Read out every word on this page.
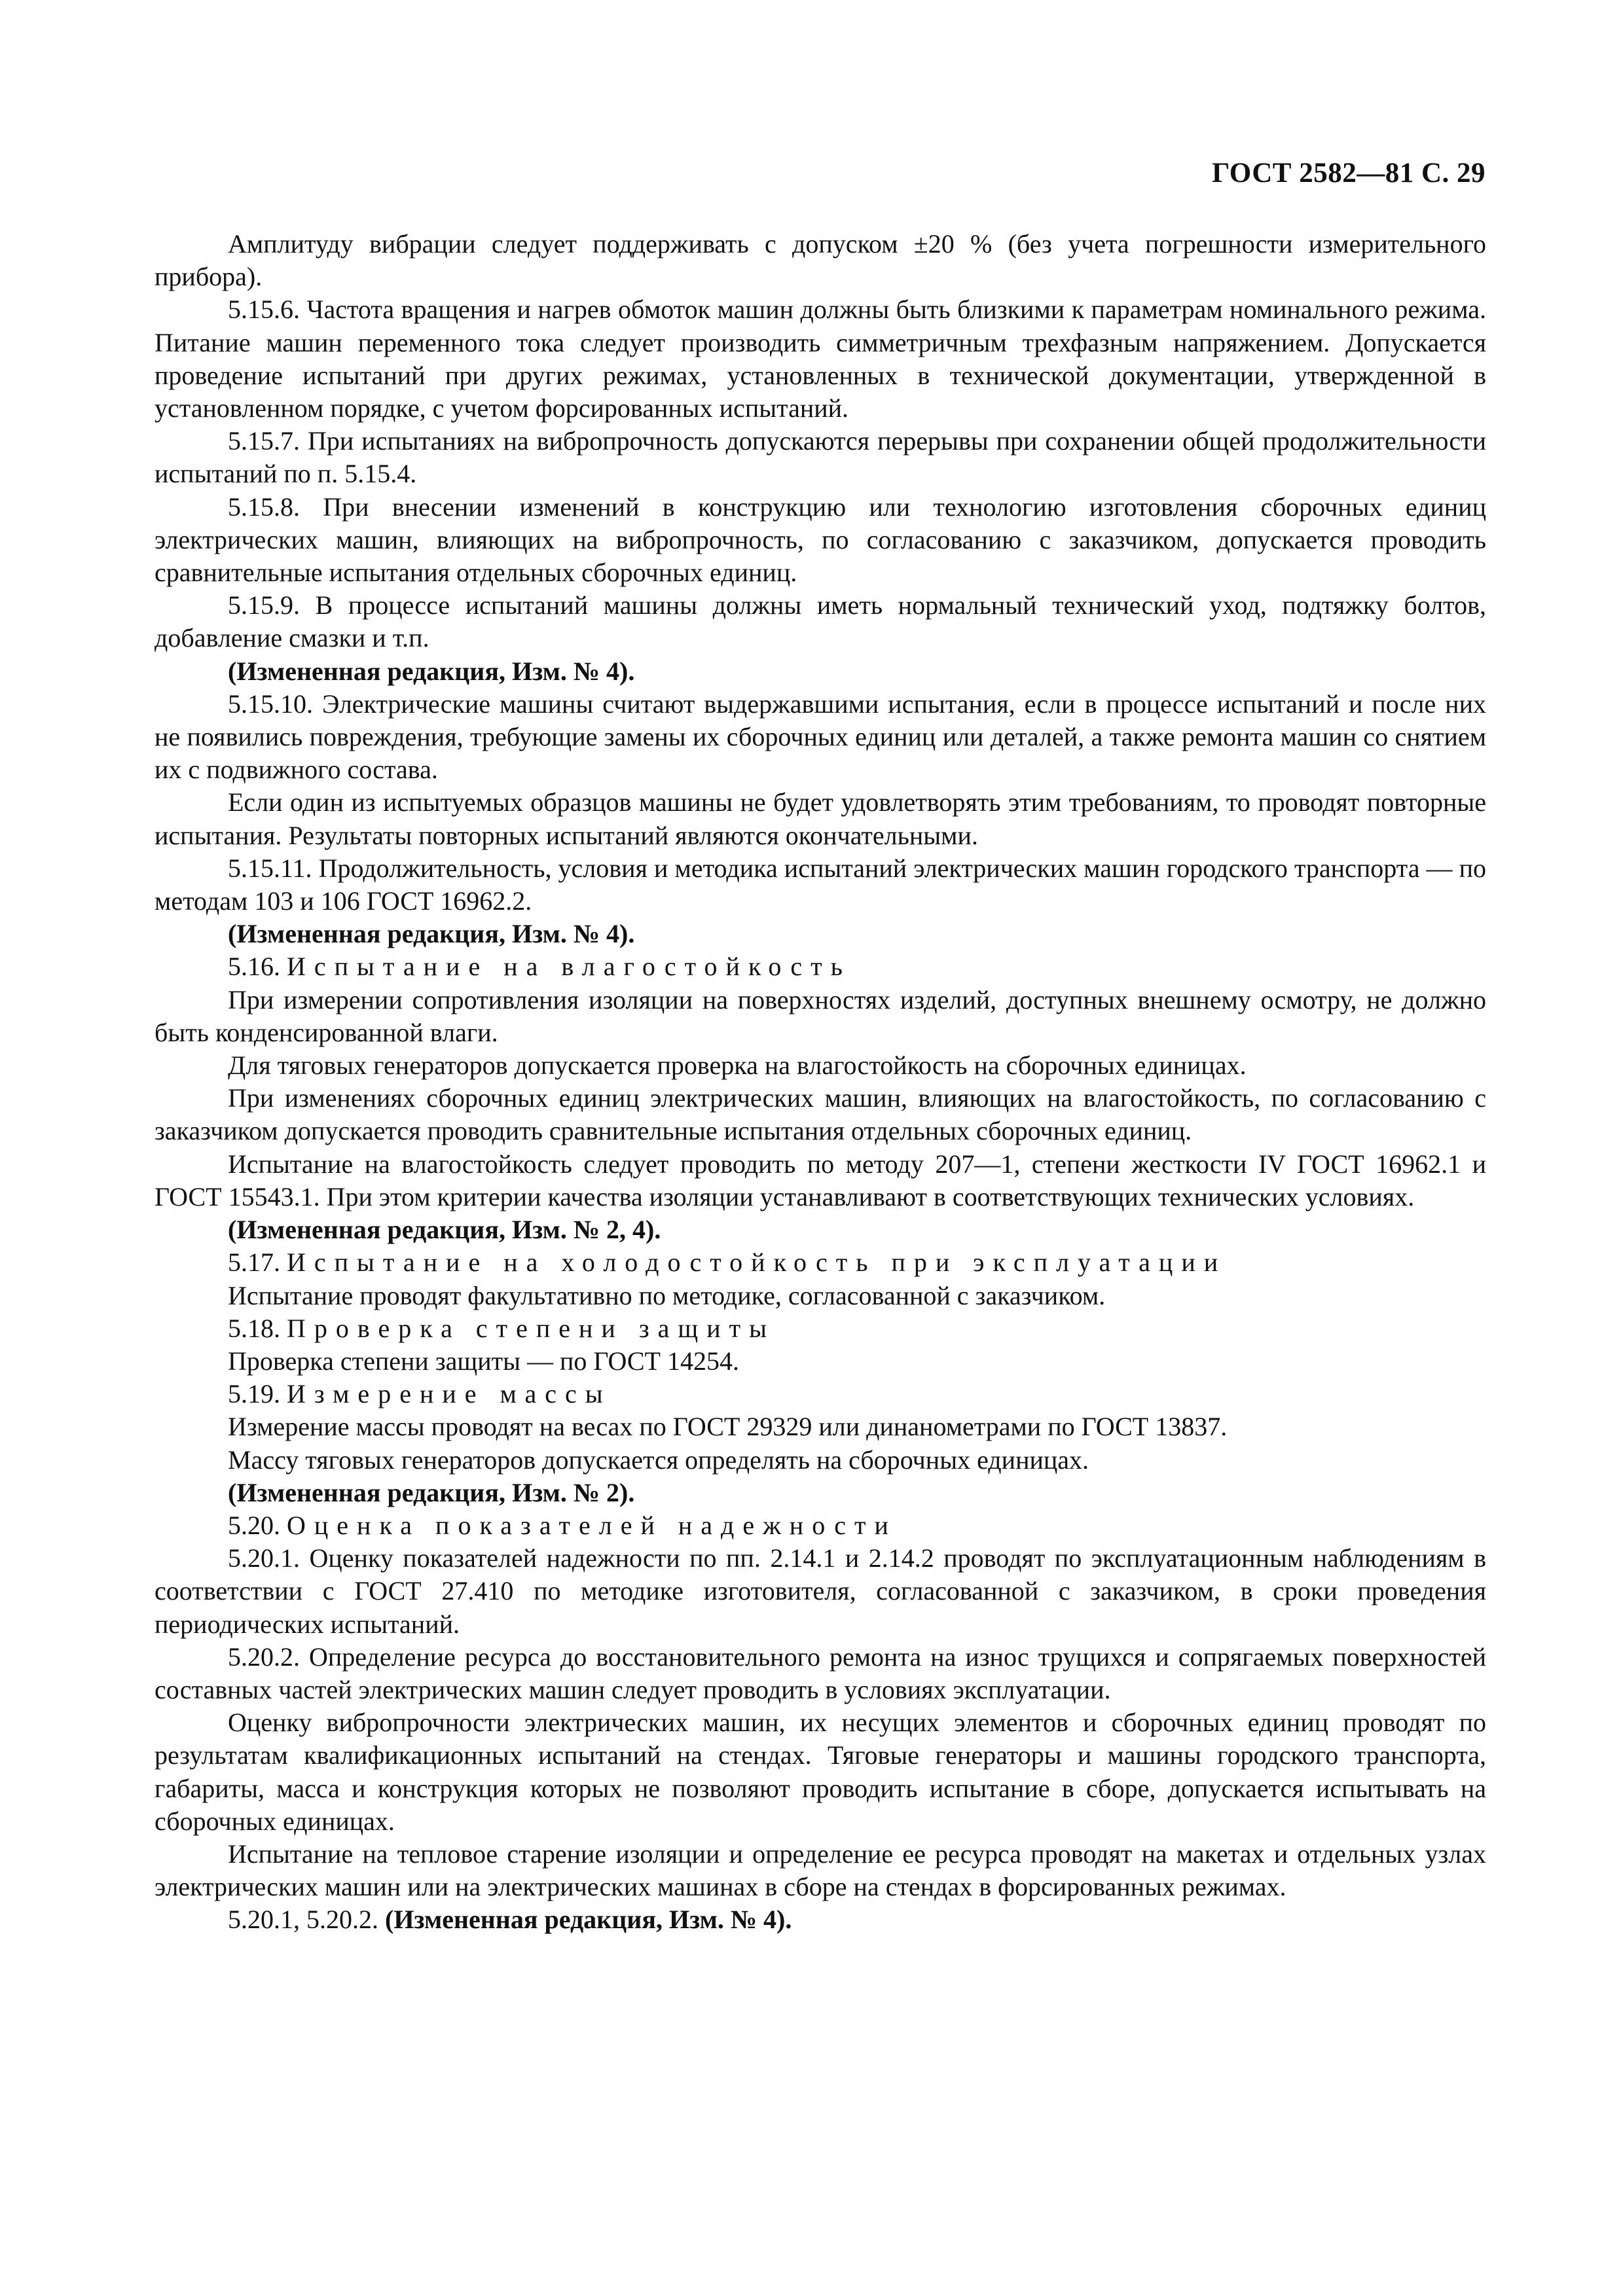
ГОСТ 2582—81 С. 29

Амплитуду вибрации следует поддерживать с допуском ±20 % (без учета погрешности измерительного прибора).

5.15.6. Частота вращения и нагрев обмоток машин должны быть близкими к параметрам номинального режима. Питание машин переменного тока следует производить симметричным трехфазным напряжением. Допускается проведение испытаний при других режимах, установленных в технической документации, утвержденной в установленном порядке, с учетом форсированных испытаний.

5.15.7. При испытаниях на вибропрочность допускаются перерывы при сохранении общей продолжительности испытаний по п. 5.15.4.

5.15.8. При внесении изменений в конструкцию или технологию изготовления сборочных единиц электрических машин, влияющих на вибропрочность, по согласованию с заказчиком, допускается проводить сравнительные испытания отдельных сборочных единиц.

5.15.9. В процессе испытаний машины должны иметь нормальный технический уход, подтяжку болтов, добавление смазки и т.п.

(Измененная редакция, Изм. № 4).

5.15.10. Электрические машины считают выдержавшими испытания, если в процессе испытаний и после них не появились повреждения, требующие замены их сборочных единиц или деталей, а также ремонта машин со снятием их с подвижного состава.

Если один из испытуемых образцов машины не будет удовлетворять этим требованиям, то проводят повторные испытания. Результаты повторных испытаний являются окончательными.

5.15.11. Продолжительность, условия и методика испытаний электрических машин городского транспорта — по методам 103 и 106 ГОСТ 16962.2.

(Измененная редакция, Изм. № 4).

5.16. Испытание на влагостойкость

При измерении сопротивления изоляции на поверхностях изделий, доступных внешнему осмотру, не должно быть конденсированной влаги.

Для тяговых генераторов допускается проверка на влагостойкость на сборочных единицах.

При изменениях сборочных единиц электрических машин, влияющих на влагостойкость, по согласованию с заказчиком допускается проводить сравнительные испытания отдельных сборочных единиц.

Испытание на влагостойкость следует проводить по методу 207—1, степени жесткости IV ГОСТ 16962.1 и ГОСТ 15543.1. При этом критерии качества изоляции устанавливают в соответствующих технических условиях.

(Измененная редакция, Изм. № 2, 4).

5.17. Испытание на холодостойкость при эксплуатации

Испытание проводят факультативно по методике, согласованной с заказчиком.

5.18. Проверка степени защиты

Проверка степени защиты — по ГОСТ 14254.

5.19. Измерение массы

Измерение массы проводят на весах по ГОСТ 29329 или динанометрами по ГОСТ 13837.

Массу тяговых генераторов допускается определять на сборочных единицах.

(Измененная редакция, Изм. № 2).

5.20. Оценка показателей надежности

5.20.1. Оценку показателей надежности по пп. 2.14.1 и 2.14.2 проводят по эксплуатационным наблюдениям в соответствии с ГОСТ 27.410 по методике изготовителя, согласованной с заказчиком, в сроки проведения периодических испытаний.

5.20.2. Определение ресурса до восстановительного ремонта на износ трущихся и сопрягаемых поверхностей составных частей электрических машин следует проводить в условиях эксплуатации.

Оценку вибропрочности электрических машин, их несущих элементов и сборочных единиц проводят по результатам квалификационных испытаний на стендах. Тяговые генераторы и машины городского транспорта, габариты, масса и конструкция которых не позволяют проводить испытание в сборе, допускается испытывать на сборочных единицах.

Испытание на тепловое старение изоляции и определение ее ресурса проводят на макетах и отдельных узлах электрических машин или на электрических машинах в сборе на стендах в форсированных режимах.

5.20.1, 5.20.2. (Измененная редакция, Изм. № 4).
